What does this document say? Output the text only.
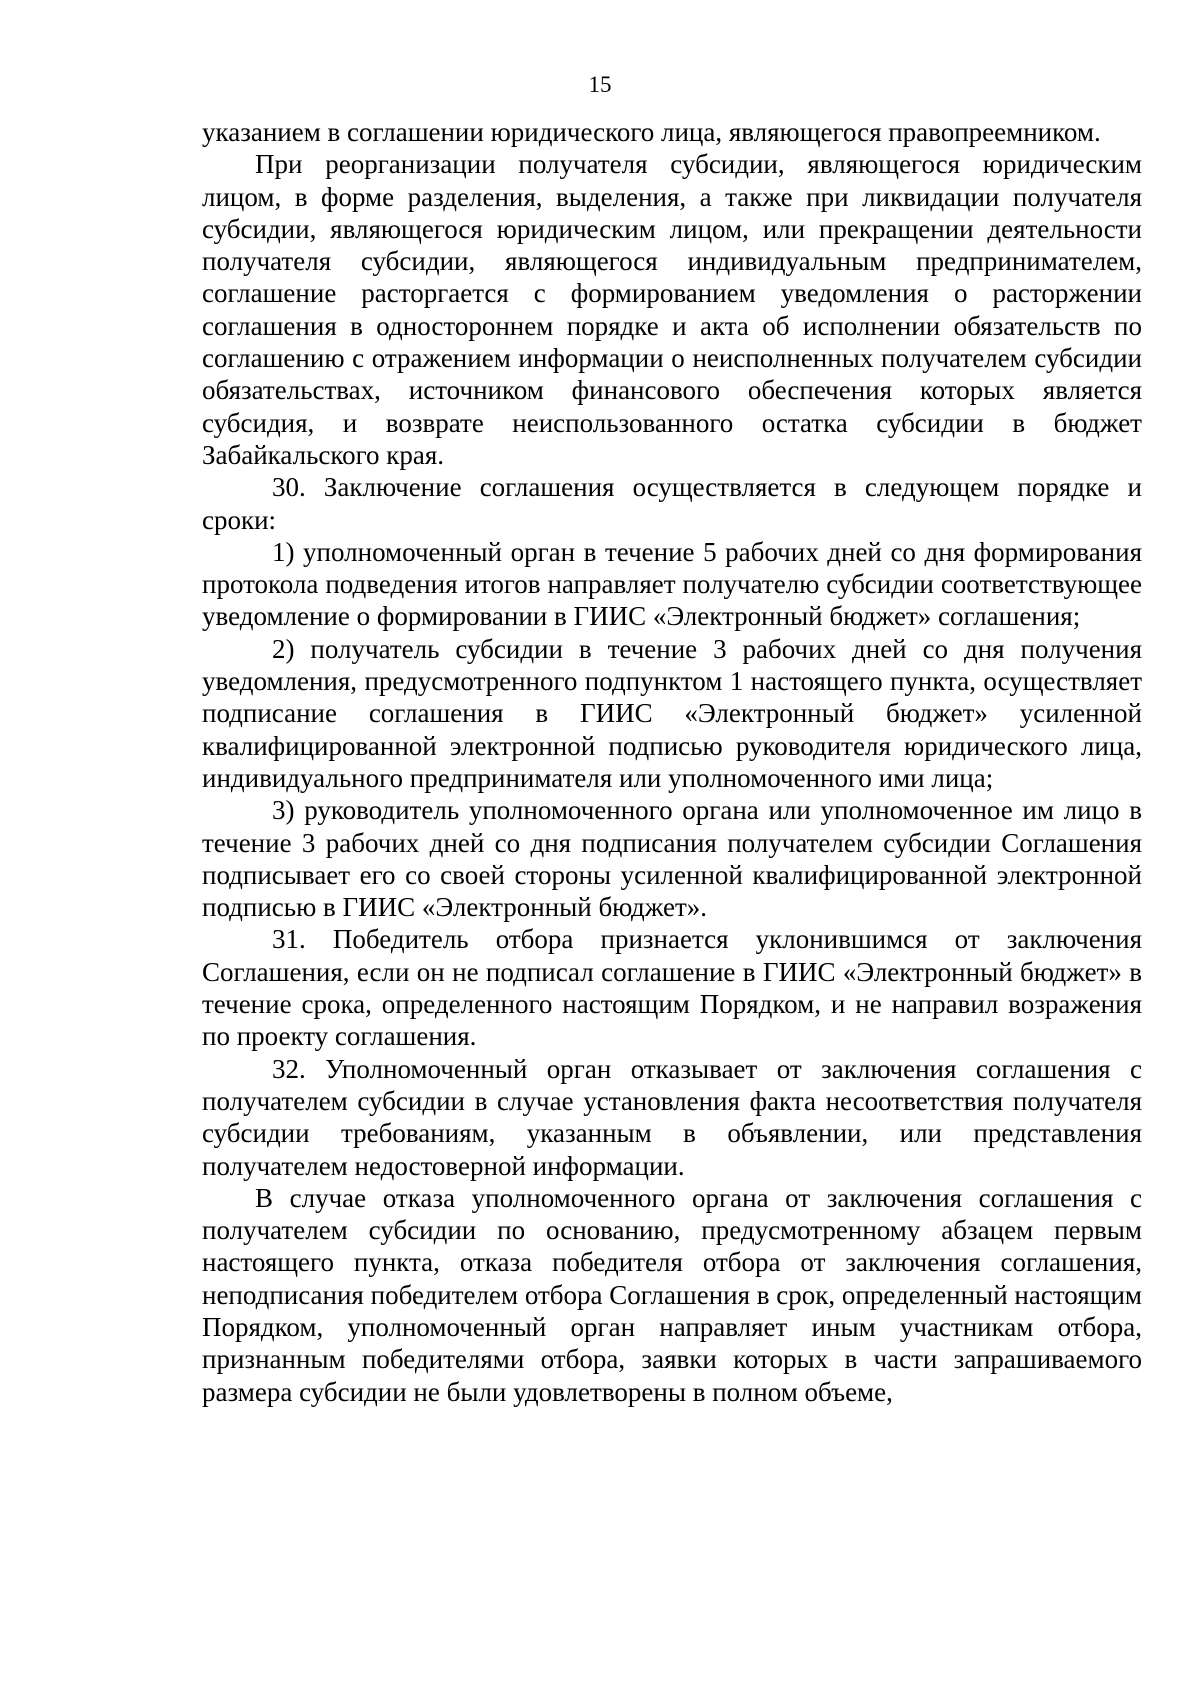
15

указанием в соглашении юридического лица, являющегося правопреемником.

При реорганизации получателя субсидии, являющегося юридическим лицом, в форме разделения, выделения, а также при ликвидации получателя субсидии, являющегося юридическим лицом, или прекращении деятельности получателя субсидии, являющегося индивидуальным предпринимателем, соглашение расторгается с формированием уведомления о расторжении соглашения в одностороннем порядке и акта об исполнении обязательств по соглашению с отражением информации о неисполненных получателем субсидии обязательствах, источником финансового обеспечения которых является субсидия, и возврате неиспользованного остатка субсидии в бюджет Забайкальского края.

30. Заключение соглашения осуществляется в следующем порядке и сроки:

1) уполномоченный орган в течение 5 рабочих дней со дня формирования протокола подведения итогов направляет получателю субсидии соответствующее уведомление о формировании в ГИИС «Электронный бюджет» соглашения;

2) получатель субсидии в течение 3 рабочих дней со дня получения уведомления, предусмотренного подпунктом 1 настоящего пункта, осуществляет подписание соглашения в ГИИС «Электронный бюджет» усиленной квалифицированной электронной подписью руководителя юридического лица, индивидуального предпринимателя или уполномоченного ими лица;

3) руководитель уполномоченного органа или уполномоченное им лицо в течение 3 рабочих дней со дня подписания получателем субсидии Соглашения подписывает его со своей стороны усиленной квалифицированной электронной подписью в ГИИС «Электронный бюджет».

31. Победитель отбора признается уклонившимся от заключения Соглашения, если он не подписал соглашение в ГИИС «Электронный бюджет» в течение срока, определенного настоящим Порядком, и не направил возражения по проекту соглашения.

32. Уполномоченный орган отказывает от заключения соглашения с получателем субсидии в случае установления факта несоответствия получателя субсидии требованиям, указанным в объявлении, или представления получателем недостоверной информации.

В случае отказа уполномоченного органа от заключения соглашения с получателем субсидии по основанию, предусмотренному абзацем первым настоящего пункта, отказа победителя отбора от заключения соглашения, неподписания победителем отбора Соглашения в срок, определенный настоящим Порядком, уполномоченный орган направляет иным участникам отбора, признанным победителями отбора, заявки которых в части запрашиваемого размера субсидии не были удовлетворены в полном объеме,
